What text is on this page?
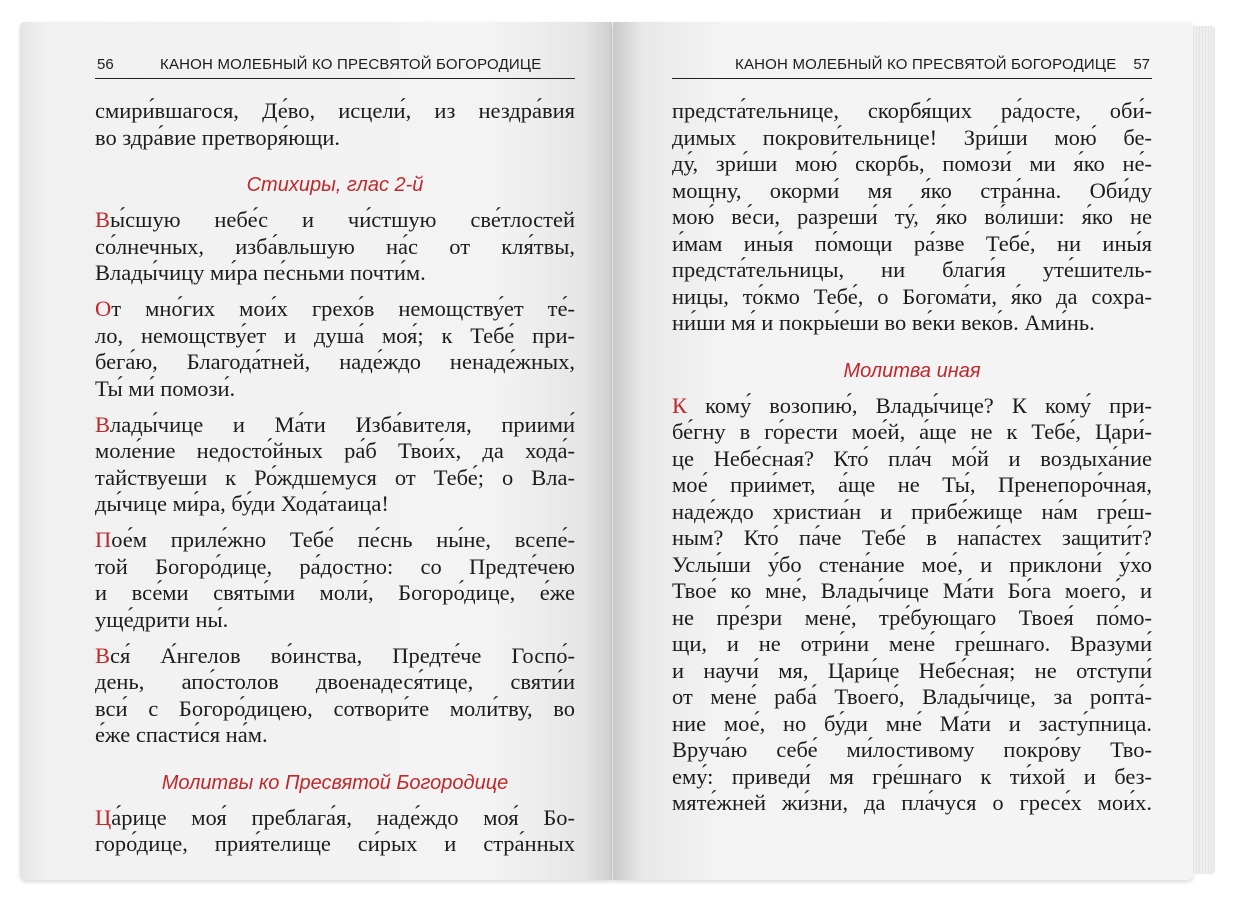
56	КАНОН МОЛЕБНЫЙ КО ПРЕСВЯТОЙ БОГОРОДИЦЕ
смири́вшагося, Де́во, исцели́, из нездра́вия
во здра́вие претворя́ющи.
Стихиры, глас 2-й
Вы́сшую небе́с и чи́стшую све́тлостей
со́лнечных, изба́вльшую на́с от кля́твы,
Влады́чицу ми́ра пе́сньми почти́м.
От мно́гих мои́х грехо́в немощству́ет те́-
ло, немощству́ет и душа́ моя́; к Тебе́ при-
бега́ю, Благода́тней, наде́ждо ненаде́жных,
Ты́ ми́ помози́.
Влады́чице и Ма́ти Изба́вителя, приими́
моле́ние недосто́йных ра́б Твои́х, да хода́-
тайствуеши к Ро́ждшемуся от Тебе́; о Вла-
ды́чице ми́ра, бу́ди Хода́таица!
Пое́м приле́жно Тебе́ пе́снь ны́не, всепе́-
той Богоро́дице, ра́достно: со Предте́чею
и все́ми святы́ми моли́, Богоро́дице, е́же
уще́дрити ны́.
Вся́ А́нгелов во́инства, Предте́че Госпо́-
день, апо́столов двоенадеся́тице, святи́и
вси́ с Богоро́дицею, сотвори́те моли́тву, во
е́же спасти́ся на́м.
Молитвы ко Пресвятой Богородице
Ца́рице моя́ преблага́я, наде́ждо моя́ Бо-
горо́дице, прия́телище си́рых и стра́нных
КАНОН МОЛЕБНЫЙ КО ПРЕСВЯТОЙ БОГОРОДИЦЕ 57
предста́тельнице, скорбя́щих ра́досте, оби́-
димых покрови́тельнице! Зри́ши мою́ бе-
ду́, зри́ши мою́ скорбь, помози́ ми я́ко не́-
мощну, окорми́ мя я́ко стра́нна. Оби́ду
мою́ ве́си, разреши́ ту́, я́ко во́лиши: я́ко не
и́мам ины́я по́мощи ра́зве Тебе́, ни ины́я
предста́тельницы, ни благи́я уте́шитель-
ницы, то́кмо Тебе́, о Богома́ти, я́ко да сохра-
ни́ши мя́ и покры́еши во ве́ки веко́в. Ами́нь.
Молитва иная
К кому́ возопию́, Влады́чице? К кому́ при-
бе́гну в го́рести мое́й, а́ще не к Тебе́, Цари́-
це Небе́сная? Кто́ пла́ч мо́й и воздыха́ние
мое́ прии́мет, а́ще не Ты́, Пренепоро́чная,
наде́ждо христиа́н и прибе́жище на́м гре́ш-
ным? Кто́ па́че Тебе́ в напа́стех защити́т?
Услы́ши у́бо стена́ние мое́, и приклони́ у́хо
Твое́ ко мне́, Влады́чице Ма́ти Бо́га моего́, и
не пре́зри мене́, тре́бующаго Твоея́ по́мо-
щи, и не отри́ни мене́ гре́шнаго. Вразуми́
и научи́ мя, Цари́це Небе́сная; не отступи́
от мене́ раба́ Твоего́, Влады́чице, за ропта́-
ние мое́, но бу́ди мне́ Ма́ти и засту́пница.
Вруча́ю себе́ ми́лостивому покро́ву Тво-
ему́: приведи́ мя гре́шнаго к ти́хой и без-
мяте́жней жи́зни, да пла́чуся о гресе́х мои́х.
